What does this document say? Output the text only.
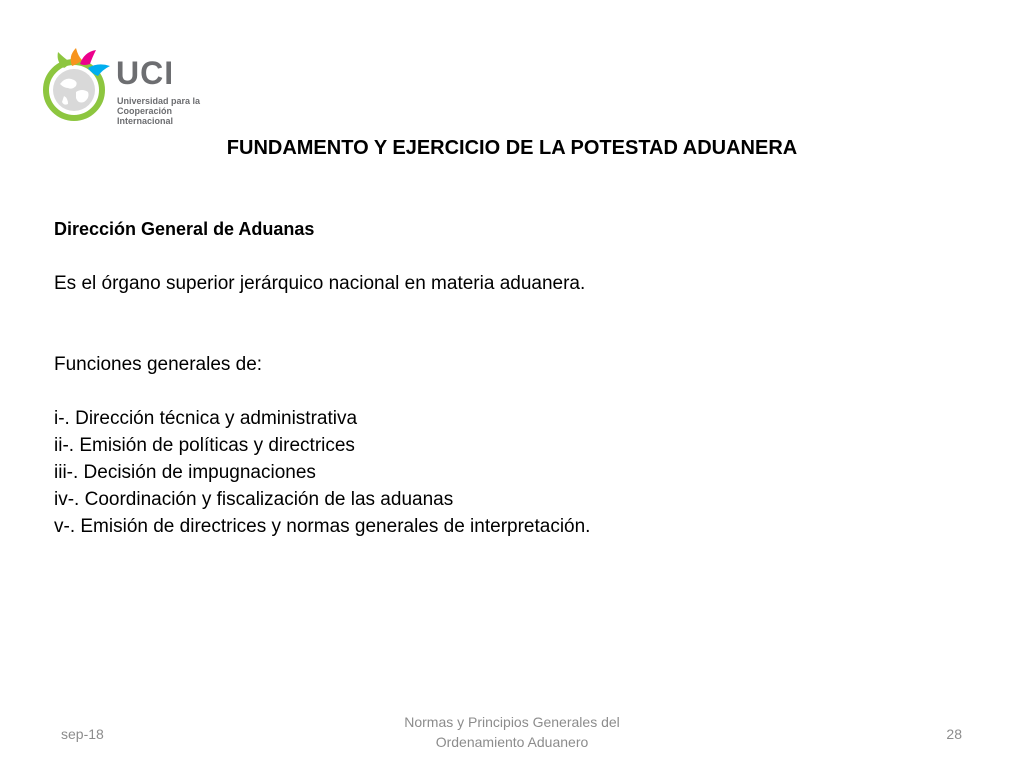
UCI
Universidad para la
Cooperación Internacional
FUNDAMENTO Y EJERCICIO DE LA POTESTAD ADUANERA

Dirección General de Aduanas

Es el órgano superior jerárquico nacional en materia aduanera.

Funciones generales de:

i-. Dirección técnica y administrativa

ii-. Emisión de políticas y directrices

iii-. Decisión de impugnaciones

iv-. Coordinación y fiscalización de las aduanas

v-. Emisión de directrices y normas generales de interpretación.

sep-18
Normas y Principios Generales del
Ordenamiento Aduanero	28
